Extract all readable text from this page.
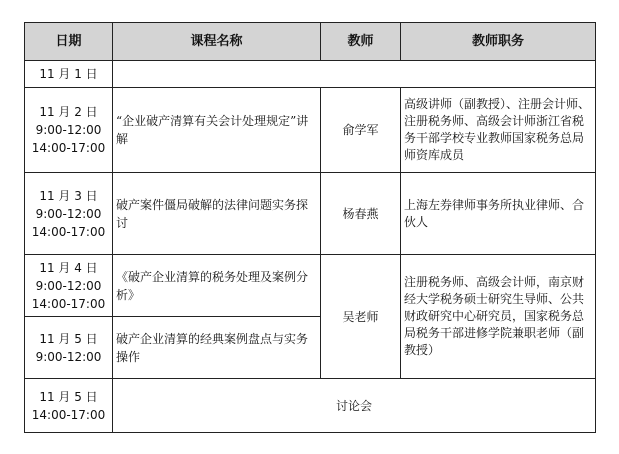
日期	课程名称	教师	教师职务

11 月 1 日			

11 月 2 日
9:00-12:00
14:00-17:00	“企业破产清算有关会计处理规定”讲解	俞学军	高级讲师（副教授）、注册会计师、注册税务师、高级会计师浙江省税务干部学校专业教师国家税务总局师资库成员

11 月 3 日
9:00-12:00
14:00-17:00	破产案件僵局破解的法律问题实务探讨	杨春燕	上海左券律师事务所执业律师、合伙人

11 月 4 日
9:00-12:00
14:00-17:00	《破产企业清算的税务处理及案例分析》	吴老师	注册税务师、高级会计师，南京财经大学税务硕士研究生导师、公共财政研究中心研究员，国家税务总局税务干部进修学院兼职老师（副教授）

11 月 5 日
9:00-12:00	破产企业清算的经典案例盘点与实务操作		

11 月 5 日
14:00-17:00	讨论会		
